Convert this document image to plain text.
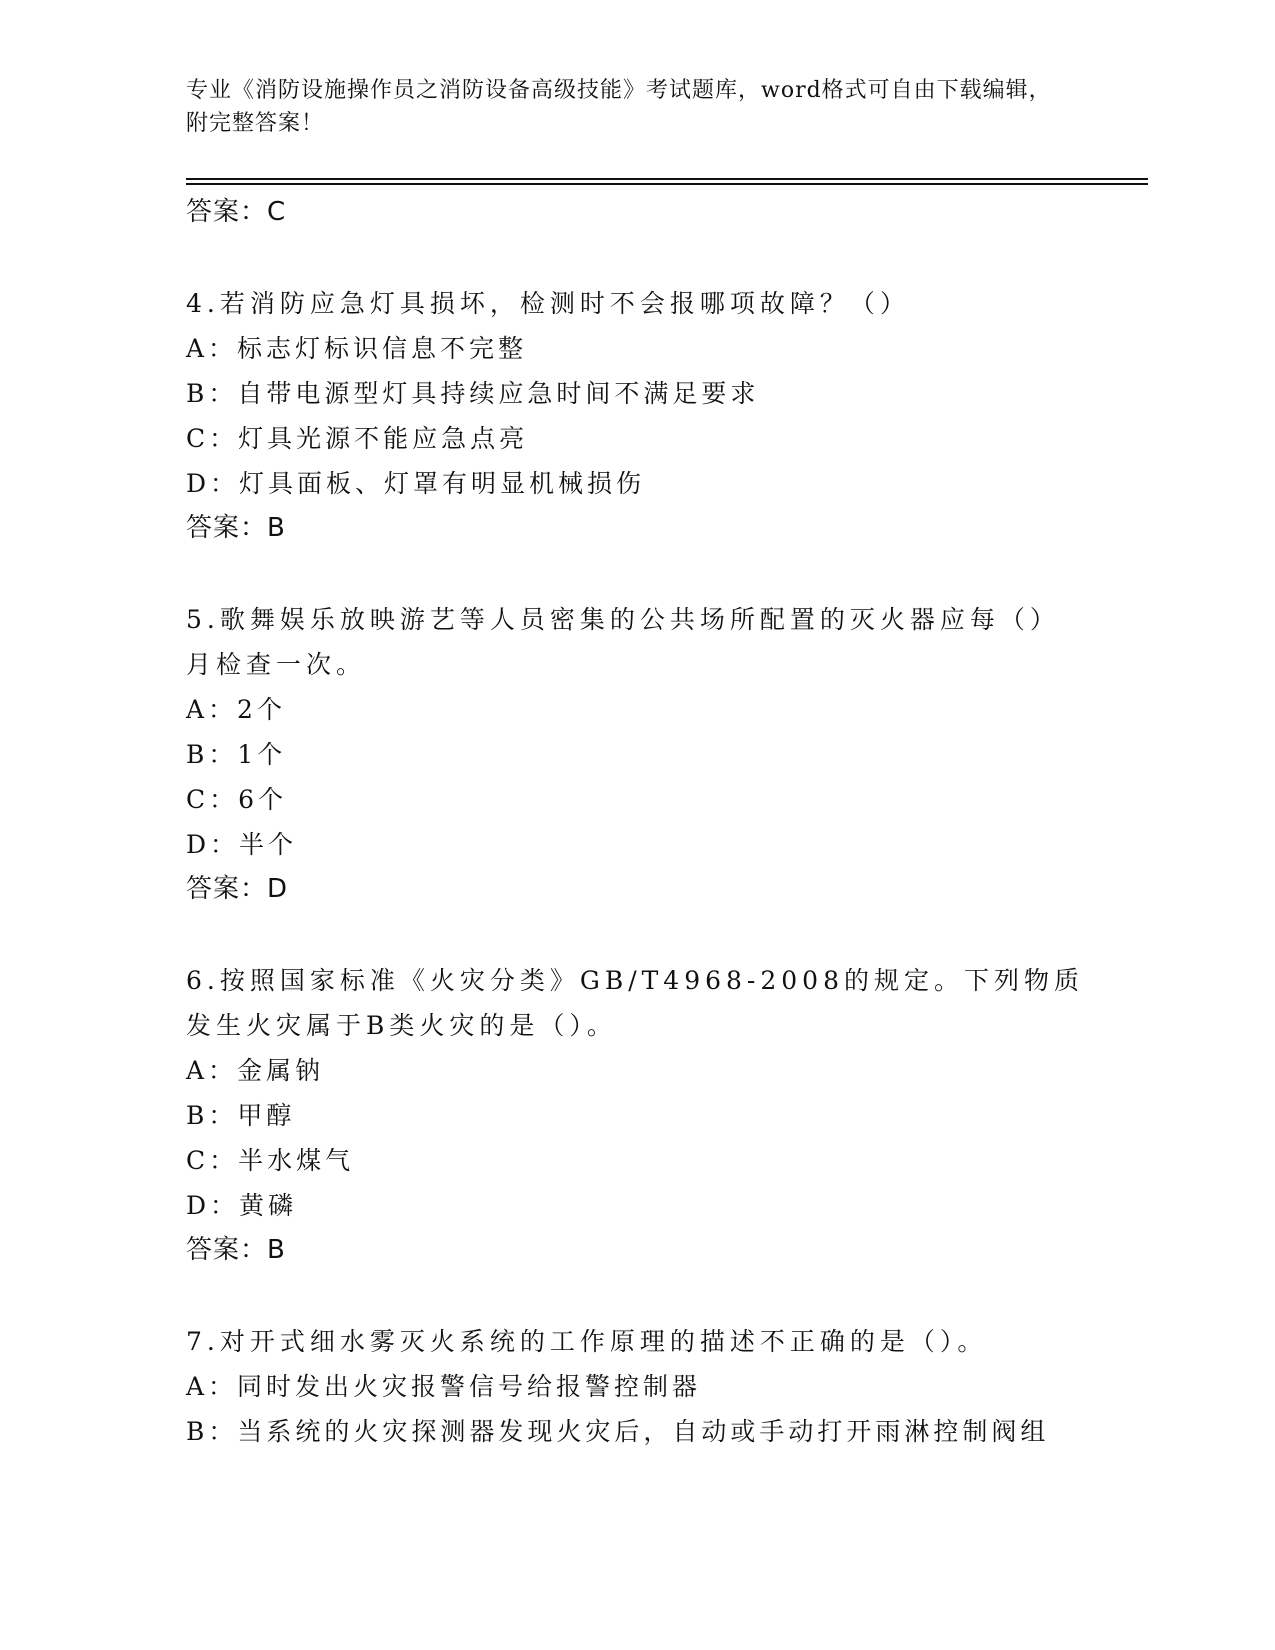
专业《消防设施操作员之消防设备高级技能》考试题库，word格式可自由下载编辑，附完整答案！
答案：C
4.若消防应急灯具损坏，检测时不会报哪项故障？（）
A：标志灯标识信息不完整
B：自带电源型灯具持续应急时间不满足要求
C：灯具光源不能应急点亮
D：灯具面板、灯罩有明显机械损伤
答案：B
5.歌舞娱乐放映游艺等人员密集的公共场所配置的灭火器应每（）月检查一次。
A：2个
B：1个
C：6个
D：半个
答案：D
6.按照国家标准《火灾分类》GB/T4968-2008的规定。下列物质发生火灾属于B类火灾的是（）。
A：金属钠
B：甲醇
C：半水煤气
D：黄磷
答案：B
7.对开式细水雾灭火系统的工作原理的描述不正确的是（）。
A：同时发出火灾报警信号给报警控制器
B：当系统的火灾探测器发现火灾后，自动或手动打开雨淋控制阀组
